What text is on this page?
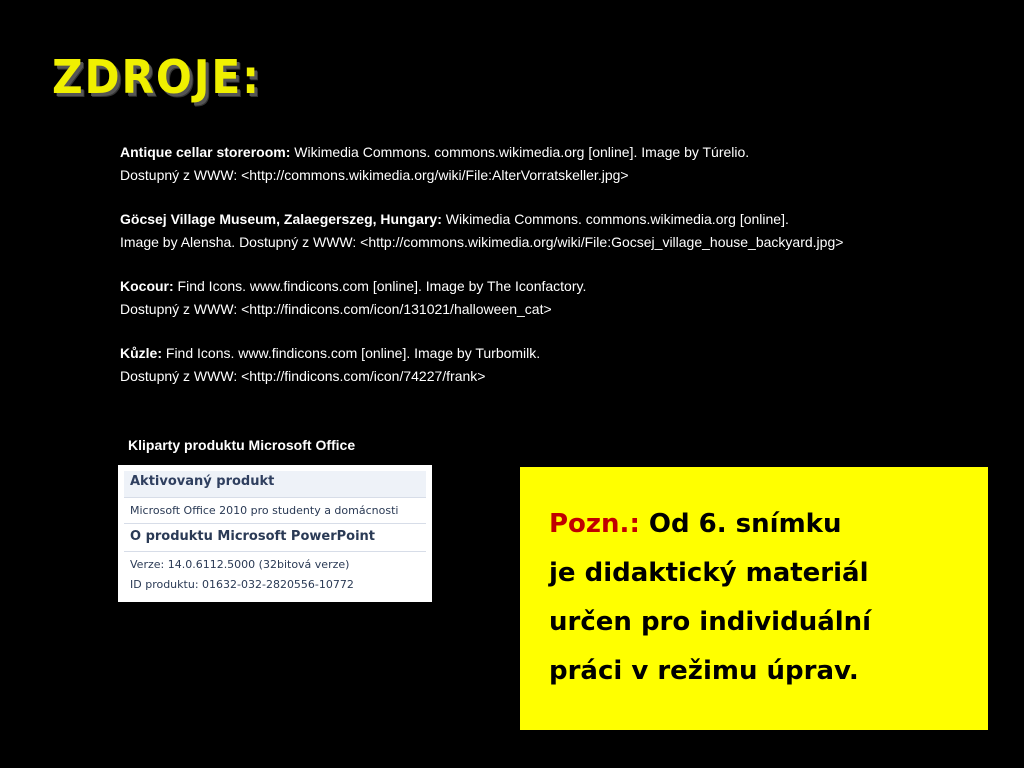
ZDROJE:
Antique cellar storeroom: Wikimedia Commons. commons.wikimedia.org [online]. Image by Túrelio.
Dostupný z WWW: <http://commons.wikimedia.org/wiki/File:AlterVorratskeller.jpg>
Göcsej Village Museum, Zalaegerszeg, Hungary: Wikimedia Commons. commons.wikimedia.org [online].
Image by Alensha. Dostupný z WWW: <http://commons.wikimedia.org/wiki/File:Gocsej_village_house_backyard.jpg>
Kocour: Find Icons. www.findicons.com [online]. Image by The Iconfactory.
Dostupný z WWW: <http://findicons.com/icon/131021/halloween_cat>
Kůzle: Find Icons. www.findicons.com [online]. Image by Turbomilk.
Dostupný z WWW: <http://findicons.com/icon/74227/frank>
Kliparty produktu Microsoft Office
Aktivovaný produkt
Microsoft Office 2010 pro studenty a domácnosti
O produktu Microsoft PowerPoint
Verze: 14.0.6112.5000 (32bitová verze)
ID produktu: 01632-032-2820556-10772
Pozn.: Od 6. snímku
je didaktický materiál
určen pro individuální
práci v režimu úprav.
